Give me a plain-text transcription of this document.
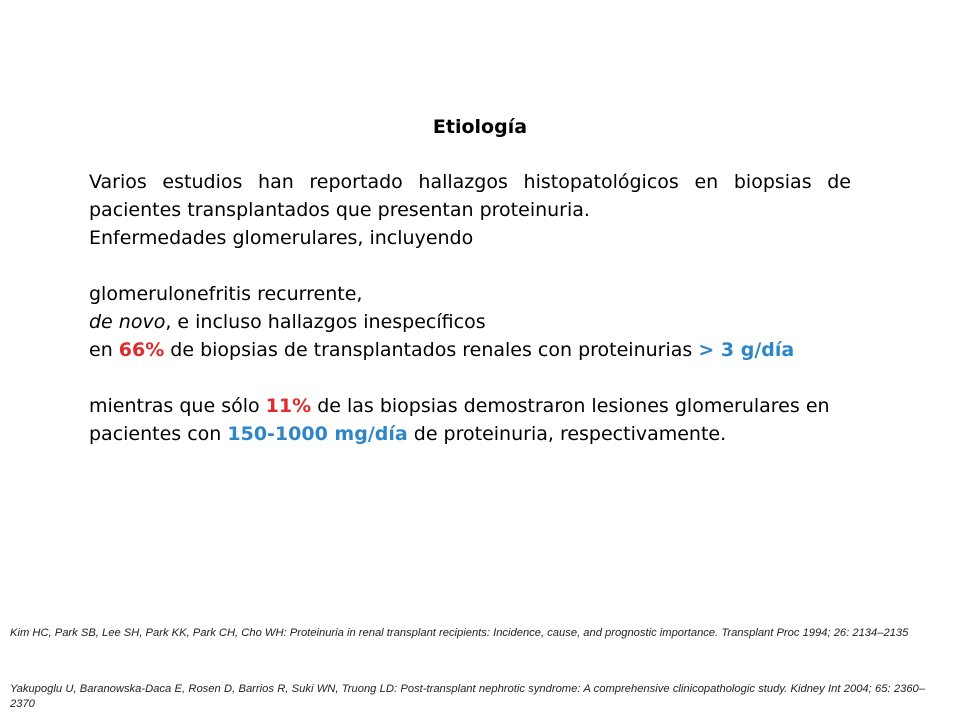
Etiología

Varios estudios han reportado hallazgos histopatológicos en biopsias de pacientes transplantados que presentan proteinuria.

Enfermedades glomerulares, incluyendo

glomerulonefritis recurrente,

de novo, e incluso hallazgos inespecíficos

en 66% de biopsias de transplantados renales con proteinurias > 3 g/día

mientras que sólo 11% de las biopsias demostraron lesiones glomerulares en pacientes con 150-1000 mg/día de proteinuria, respectivamente.

Kim HC, Park SB, Lee SH, Park KK, Park CH, Cho WH: Proteinuria in renal transplant recipients: Incidence, cause, and prognostic importance. Transplant Proc 1994; 26: 2134–2135
Yakupoglu U, Baranowska-Daca E, Rosen D, Barrios R, Suki WN, Truong LD: Post-transplant nephrotic syndrome: A comprehensive clinicopathologic study. Kidney Int 2004; 65: 2360– 2370
